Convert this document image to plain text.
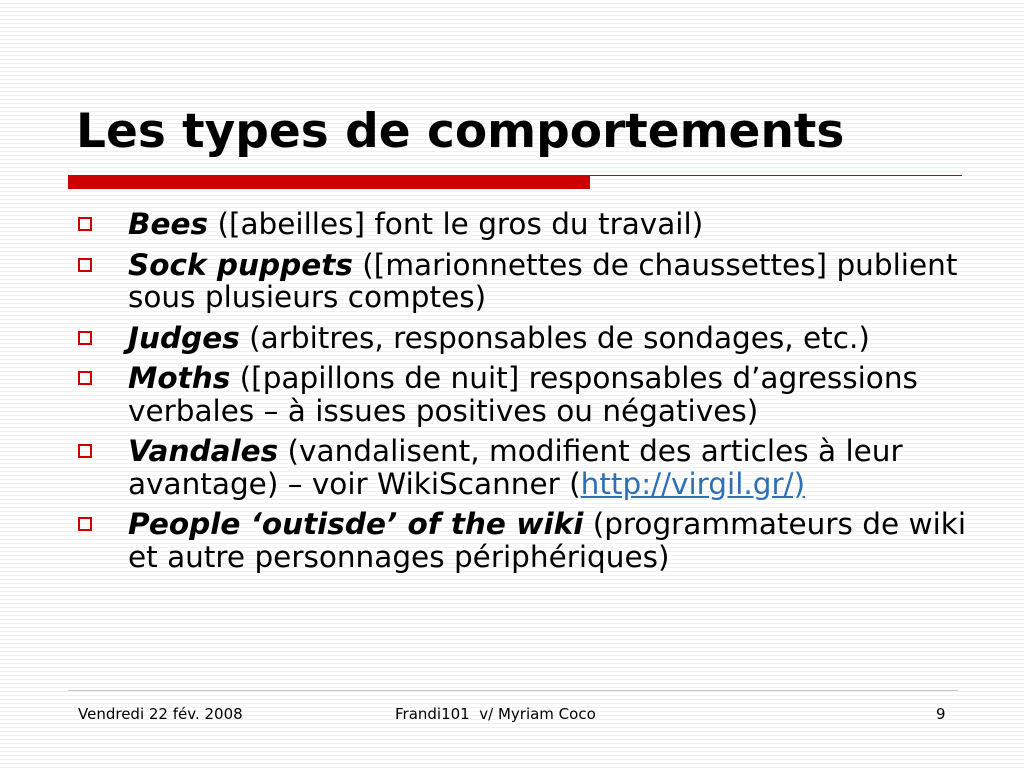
Les types de comportements
Bees ([abeilles] font le gros du travail)
Sock puppets ([marionnettes de chaussettes] publient sous plusieurs comptes)
Judges (arbitres, responsables de sondages, etc.)
Moths ([papillons de nuit] responsables d’agressions verbales – à issues positives ou négatives)
Vandales (vandalisent, modifient des articles à leur avantage) – voir WikiScanner (http://virgil.gr/)
People ‘outisde’ of the wiki (programmateurs de wiki et autre personnages périphériques)
Vendredi 22 fév. 2008	Frandi101  v/ Myriam Coco	9
